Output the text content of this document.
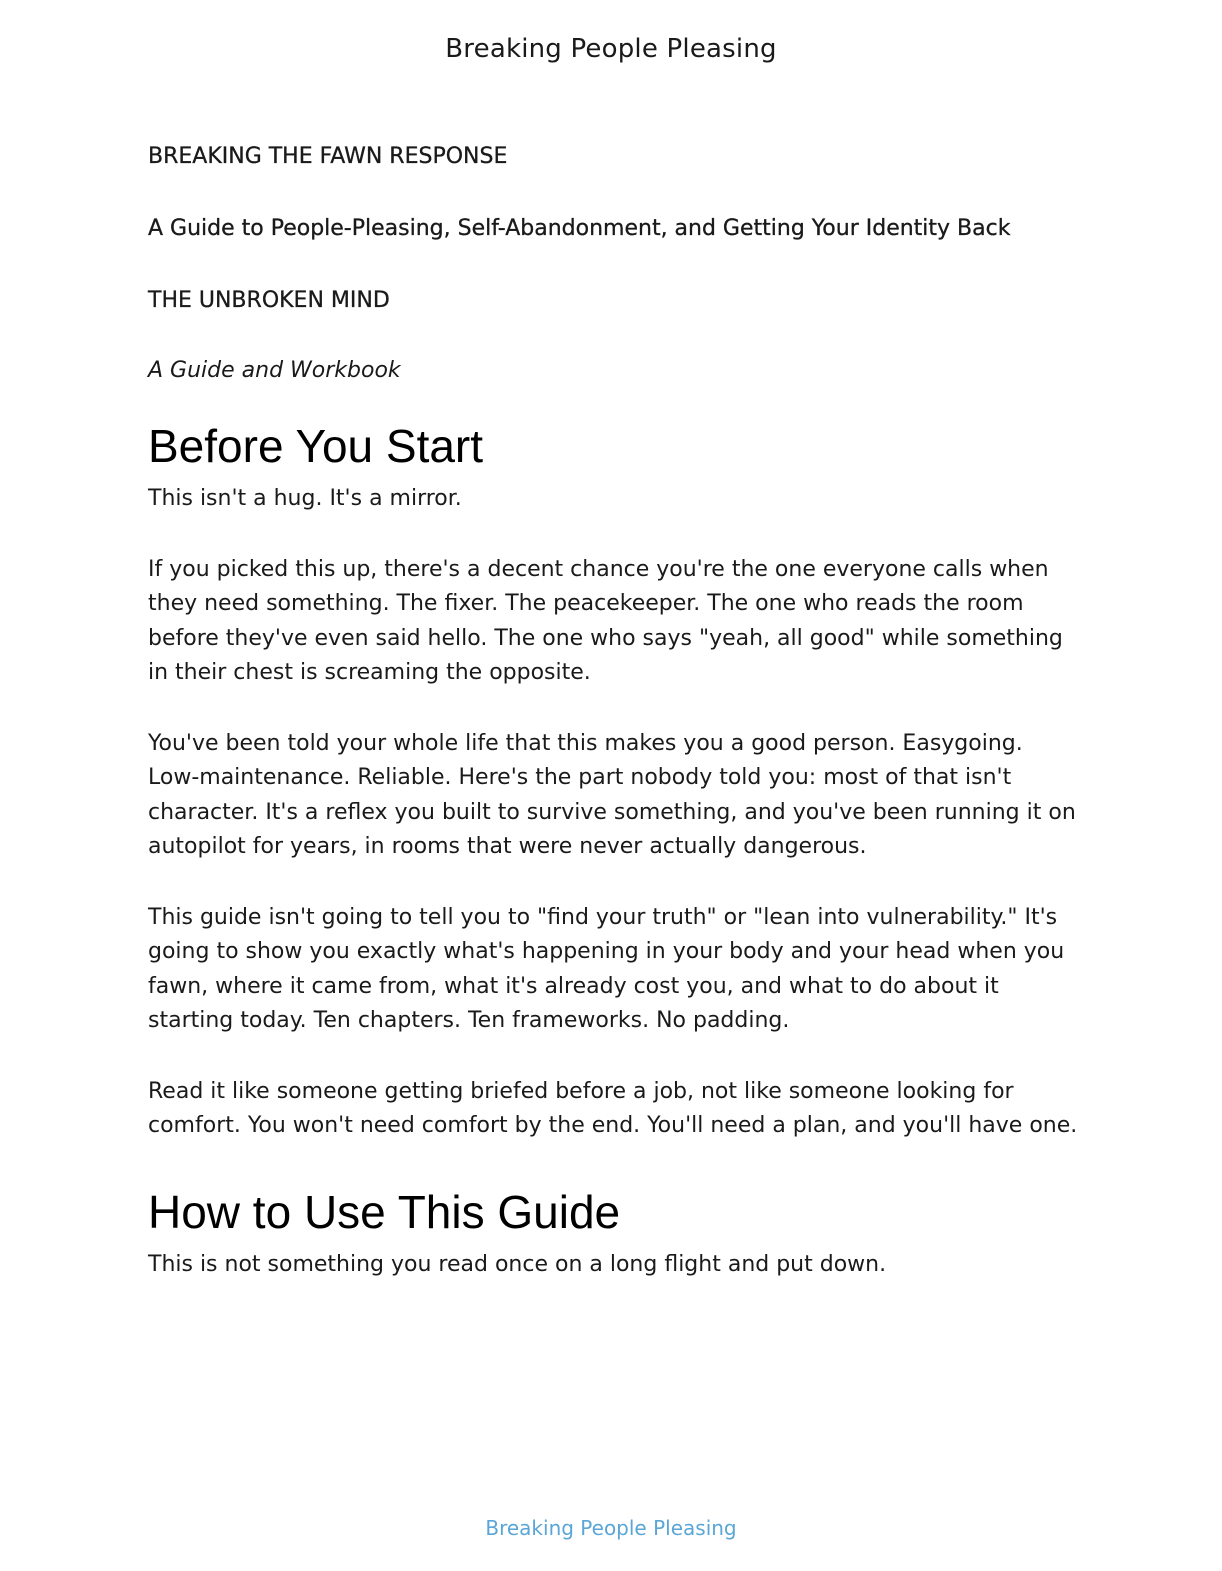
Breaking People Pleasing
BREAKING THE FAWN RESPONSE
A Guide to People-Pleasing, Self-Abandonment, and Getting Your Identity Back
THE UNBROKEN MIND
A Guide and Workbook
Before You Start

This isn't a hug. It's a mirror.

If you picked this up, there's a decent chance you're the one everyone calls when they need something. The fixer. The peacekeeper. The one who reads the room before they've even said hello. The one who says "yeah, all good" while something in their chest is screaming the opposite.

You've been told your whole life that this makes you a good person. Easygoing. Low-maintenance. Reliable. Here's the part nobody told you: most of that isn't character. It's a reflex you built to survive something, and you've been running it on autopilot for years, in rooms that were never actually dangerous.

This guide isn't going to tell you to "find your truth" or "lean into vulnerability." It's going to show you exactly what's happening in your body and your head when you fawn, where it came from, what it's already cost you, and what to do about it starting today. Ten chapters. Ten frameworks. No padding.

Read it like someone getting briefed before a job, not like someone looking for comfort. You won't need comfort by the end. You'll need a plan, and you'll have one.

How to Use This Guide

This is not something you read once on a long flight and put down.

Breaking People Pleasing
